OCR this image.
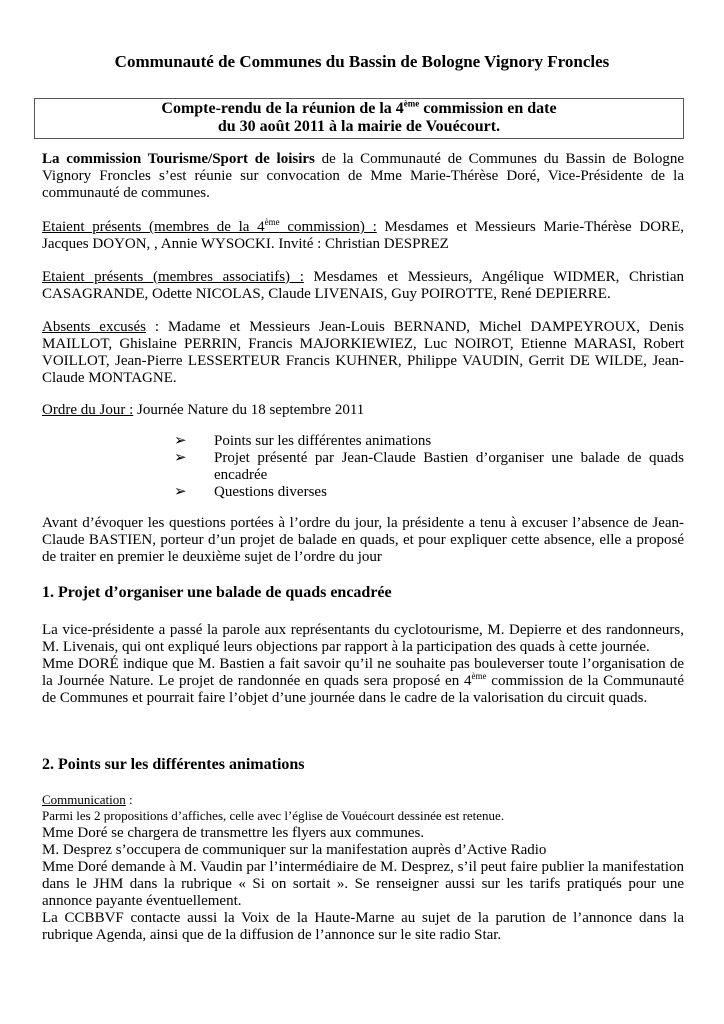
Communauté de Communes du Bassin de Bologne Vignory Froncles
Compte-rendu de la réunion de la 4ème commission en date
du 30 août 2011 à la mairie de Vouécourt.
La commission Tourisme/Sport de loisirs de la Communauté de Communes du Bassin de Bologne Vignory Froncles s’est réunie sur convocation de Mme Marie-Thérèse Doré, Vice-Présidente de la communauté de communes.
Etaient présents (membres de la 4ème commission) : Mesdames et Messieurs Marie-Thérèse DORE, Jacques DOYON, , Annie WYSOCKI. Invité : Christian DESPREZ
Etaient présents (membres associatifs) : Mesdames et Messieurs, Angélique WIDMER, Christian CASAGRANDE, Odette NICOLAS, Claude LIVENAIS, Guy POIROTTE, René DEPIERRE.
Absents excusés : Madame et Messieurs Jean-Louis BERNAND, Michel DAMPEYROUX, Denis MAILLOT, Ghislaine PERRIN, Francis MAJORKIEWIEZ, Luc NOIROT, Etienne MARASI, Robert VOILLOT, Jean-Pierre LESSERTEUR Francis KUHNER, Philippe VAUDIN, Gerrit DE WILDE, Jean-Claude MONTAGNE.
Ordre du Jour : Journée Nature du 18 septembre 2011
➢ Points sur les différentes animations
➢ Projet présenté par Jean-Claude Bastien d’organiser une balade de quads encadrée
➢ Questions diverses
Avant d’évoquer les questions portées à l’ordre du jour, la présidente a tenu à excuser l’absence de Jean-Claude BASTIEN, porteur d’un projet de balade en quads, et pour expliquer cette absence, elle a proposé de traiter en premier le deuxième sujet de l’ordre du jour
1. Projet d’organiser une balade de quads encadrée
La vice-présidente a passé la parole aux représentants du cyclotourisme, M. Depierre et des randonneurs, M. Livenais, qui ont expliqué leurs objections par rapport à la participation des quads à cette journée.
Mme DORÉ indique que M. Bastien a fait savoir qu’il ne souhaite pas bouleverser toute l’organisation de la Journée Nature. Le projet de randonnée en quads sera proposé en 4ème commission de la Communauté de Communes et pourrait faire l’objet d’une journée dans le cadre de la valorisation du circuit quads.
2. Points sur les différentes animations
Communication :
Parmi les 2 propositions d’affiches, celle avec l’église de Vouécourt dessinée est retenue.
Mme Doré se chargera de transmettre les flyers aux communes.
M. Desprez s’occupera de communiquer sur la manifestation auprès d’Active Radio
Mme Doré demande à M. Vaudin par l’intermédiaire de M. Desprez, s’il peut faire publier la manifestation dans le JHM dans la rubrique « Si on sortait ». Se renseigner aussi sur les tarifs pratiqués pour une annonce payante éventuellement.
La CCBBVF contacte aussi la Voix de la Haute-Marne au sujet de la parution de l’annonce dans la rubrique Agenda, ainsi que de la diffusion de l’annonce sur le site radio Star.
